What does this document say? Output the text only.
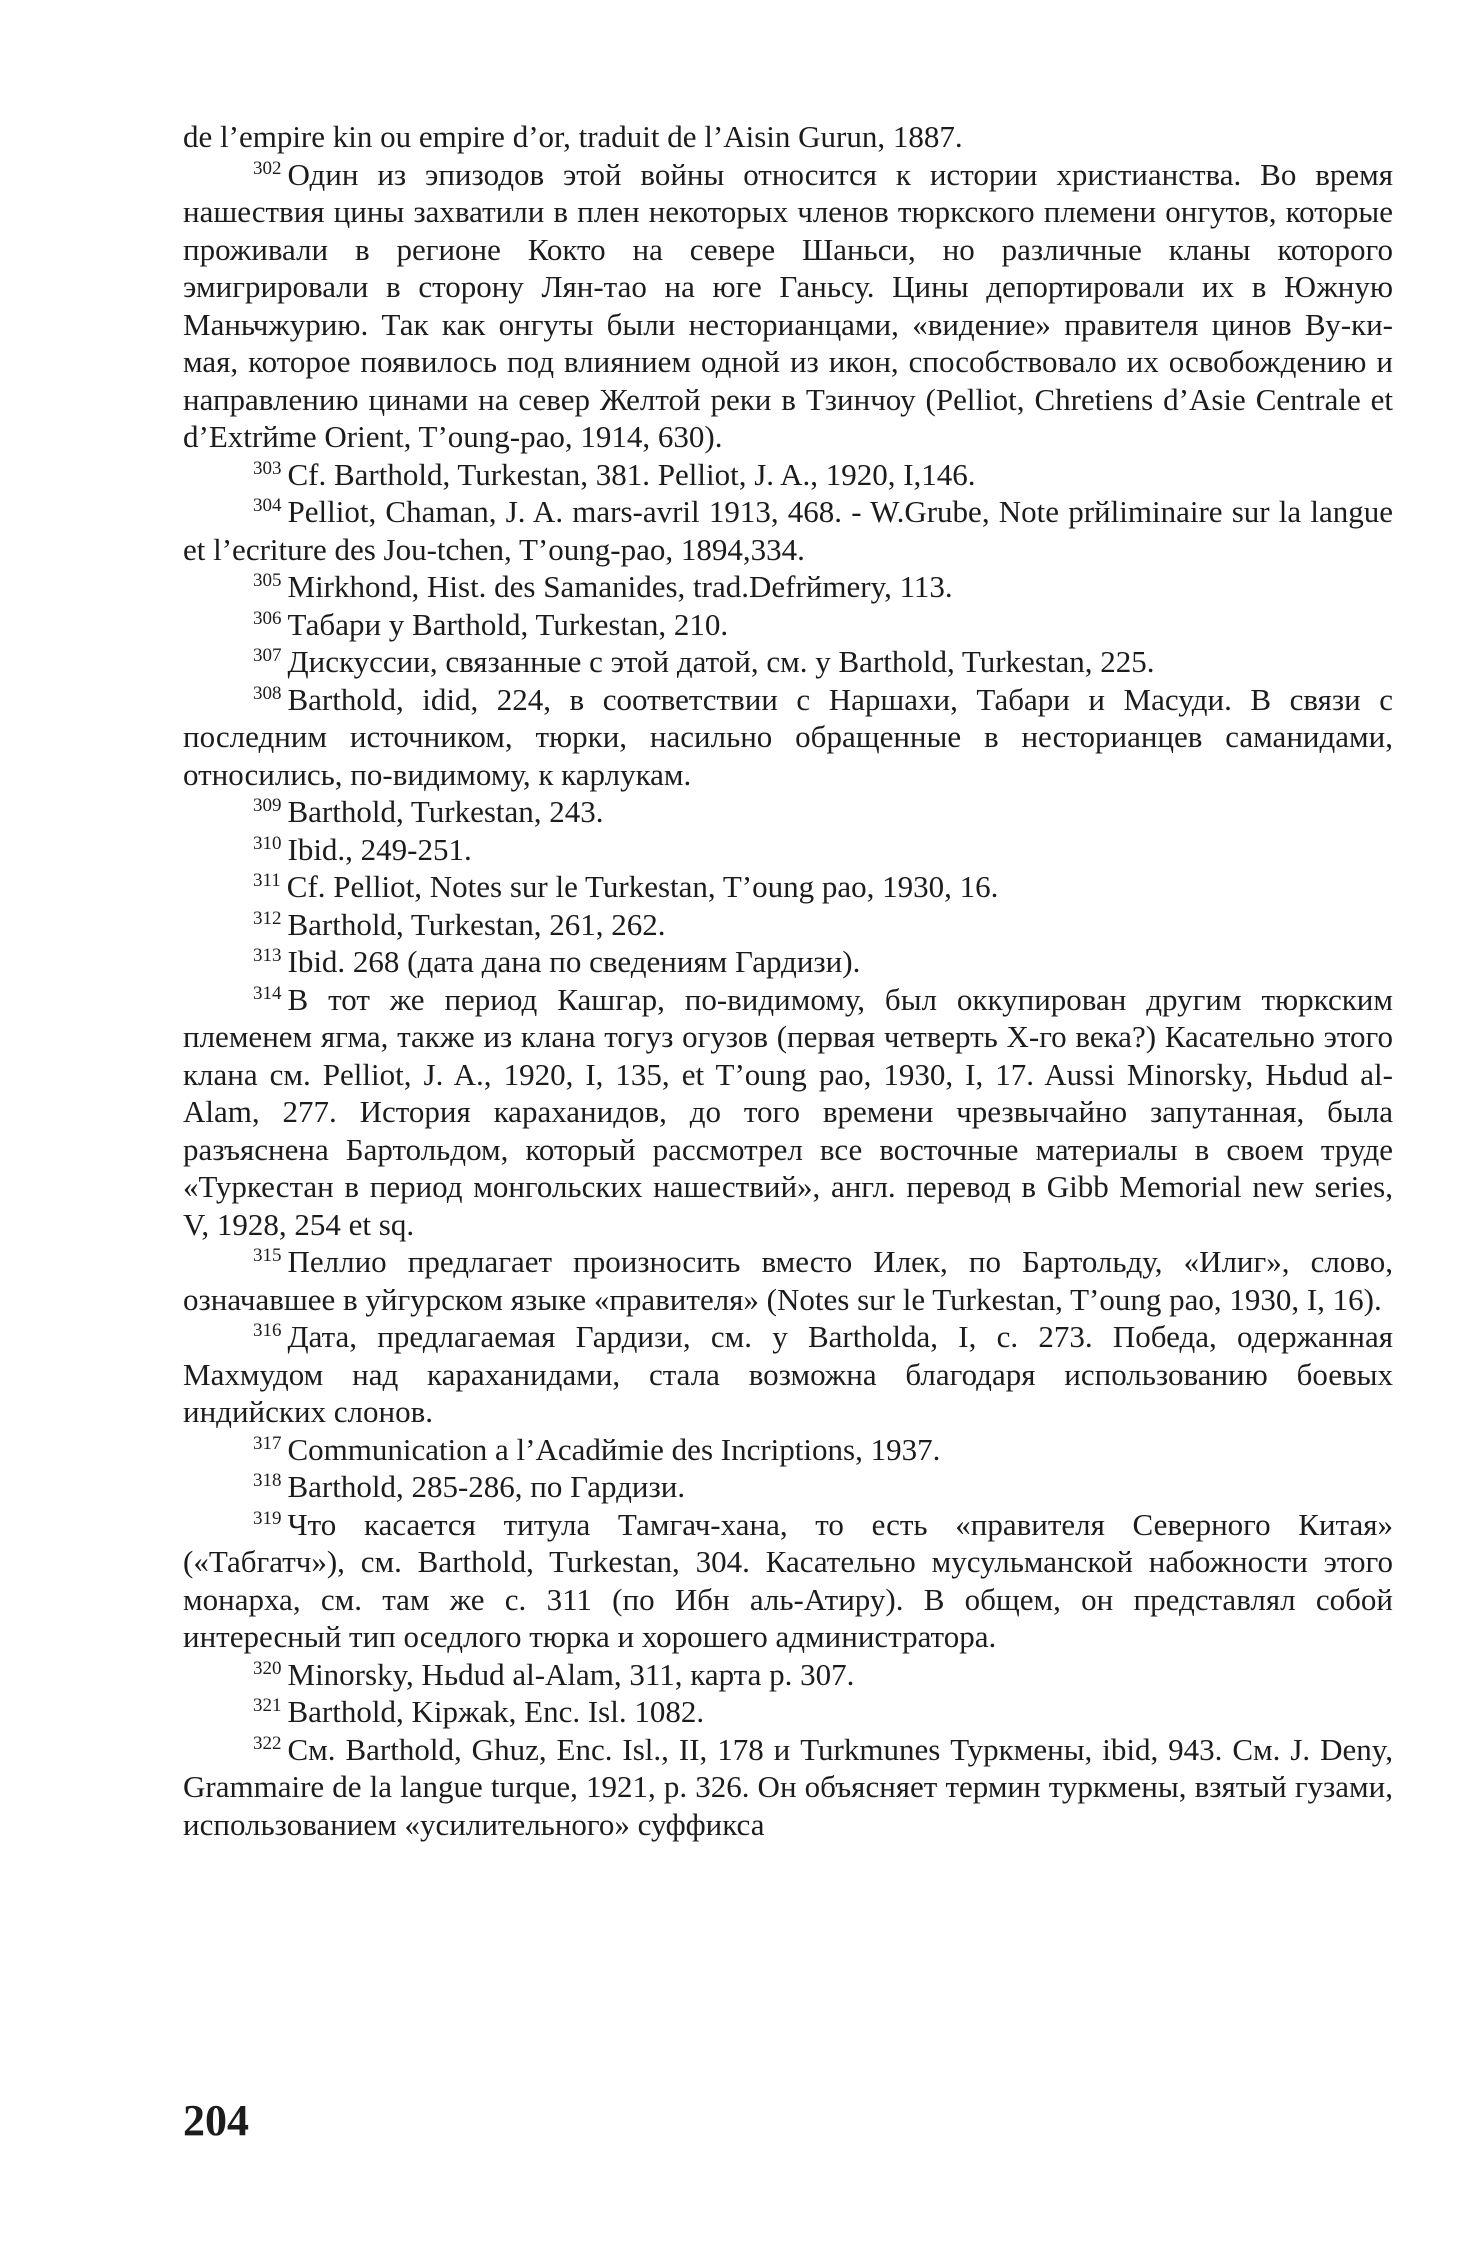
de l’empire kin ou empire d’or, traduit de l’Aisin Gurun, 1887.

$^{302}$ Один из эпизодов этой войны относится к истории христианства. Во время нашествия цины захватили в плен некоторых членов тюркского племени онгутов, которые проживали в регионе Кокто на севере Шаньси, но различные кланы которого эмигрировали в сторону Лян-тао на юге Ганьсу. Цины депортировали их в Южную Маньчжурию. Так как онгуты были несторианцами, «видение» правителя цинов Ву-ки-мая, которое появилось под влиянием одной из икон, способствовало их освобождению и направлению цинами на север Желтой реки в Тзинчоу (Pelliot, Chretiens d’Asie Centrale et d’Extrйme Orient, T’oung-pao, 1914, 630).

$^{303}$ Cf. Barthold, Turkestan, 381. Pelliot, J. A., 1920, I,146.

$^{304}$ Pelliot, Chaman, J. A. mars-avril 1913, 468. - W.Grube, Note prйliminaire sur la langue et l’ecriture des Jou-tchen, T’oung-pao, 1894,334.

$^{305}$ Mirkhond, Hist. des Samanides, trad.Defrйmery, 113.

$^{306}$ Табари у Barthold, Turkestan, 210.

$^{307}$ Дискуссии, связанные с этой датой, см. у Barthold, Turkestan, 225.

$^{308}$ Barthold, idid, 224, в соответствии с Наршахи, Табари и Масуди. В связи с последним источником, тюрки, насильно обращенные в несторианцев саманидами, относились, по-видимому, к карлукам.

$^{309}$ Barthold, Turkestan, 243.

$^{310}$ Ibid., 249-251.

$^{311}$ Cf. Pelliot, Notes sur le Turkestan, T’oung pao, 1930, 16.

$^{312}$ Barthold, Turkestan, 261, 262.

$^{313}$ Ibid. 268 (дата дана по сведениям Гардизи).

$^{314}$ В тот же период Кашгар, по-видимому, был оккупирован другим тюркским племенем ягма, также из клана тогуз огузов (первая четверть X-го века?) Касательно этого клана см. Pelliot, J. A., 1920, I, 135, et T’oung pao, 1930, I, 17. Aussi Minorsky, Hьdud al-Alam, 277. История караханидов, до того времени чрезвычайно запутанная, была разъяснена Бартольдом, который рассмотрел все восточные материалы в своем труде «Туркестан в период монгольских нашествий», англ. перевод в Gibb Memorial new series, V, 1928, 254 et sq.

$^{315}$ Пеллио предлагает произносить вместо Илек, по Бартольду, «Илиг», слово, означавшее в уйгурском языке «правителя» (Notes sur le Turkestan, T’oung pao, 1930, I, 16).

$^{316}$ Дата, предлагаемая Гардизи, см. у Bartholda, I, с. 273. Победа, одержанная Махмудом над караханидами, стала возможна благодаря использованию боевых индийских слонов.

$^{317}$ Communication a l’Acadйmie des Incriptions, 1937.

$^{318}$ Barthold, 285-286, по Гардизи.

$^{319}$ Что касается титула Тамгач-хана, то есть «правителя Северного Китая» («Табгатч»), см. Barthold, Turkestan, 304. Касательно мусульманской набожности этого монарха, см. там же с. 311 (по Ибн аль-Атиру). В общем, он представлял собой интересный тип оседлого тюрка и хорошего администратора.

$^{320}$ Minorsky, Hьdud al-Alam, 311, карта р. 307.

$^{321}$ Barthold, Kipжak, Enc. Isl. 1082.

$^{322}$ См. Barthold, Ghuz, Enc. Isl., II, 178 и Turkmunes Туркмены, ibid, 943. См. J. Deny, Grammaire de la langue turque, 1921, p. 326. Он объясняет термин туркмены, взятый гузами, использованием «усилительного» суффикса

204
